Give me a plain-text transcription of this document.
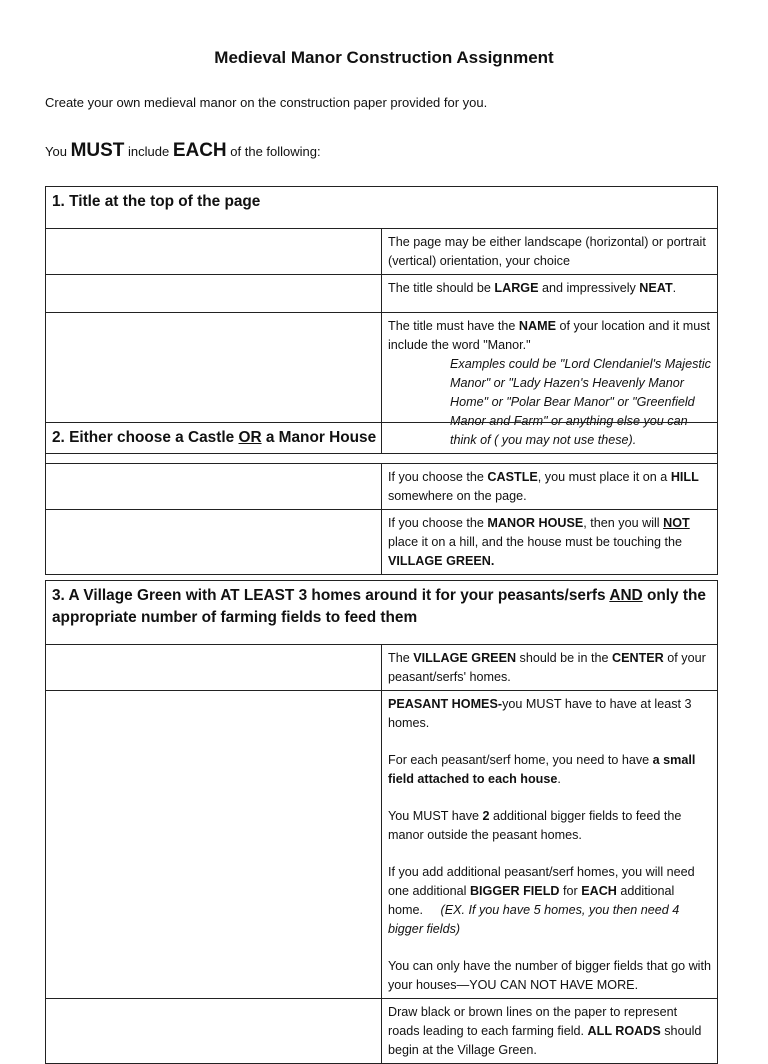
Medieval Manor Construction Assignment
Create your own medieval manor on the construction paper provided for you.
You MUST include EACH of the following:
1. Title at the top of the page	
	The page may be either landscape (horizontal) or portrait (vertical) orientation, your choice
	The title should be LARGE and impressively NEAT.

	The title must have the NAME of your location and it must include the word "Manor."

Examples could be "Lord Clendaniel's Majestic Manor" or "Lady Hazen's Heavenly Manor Home" or "Polar Bear Manor" or "Greenfield Manor and Farm" or anything else you can think of ( you may not use these).

2. Either choose a Castle OR a Manor House	
	If you choose the CASTLE, you must place it on a HILL somewhere on the page.
	If you choose the MANOR HOUSE, then you will NOT place it on a hill, and the house must be touching the VILLAGE GREEN.
3. A Village Green with AT LEAST 3 homes around it for your peasants/serfs AND only the appropriate number of farming fields to feed them	
	The VILLAGE GREEN should be in the CENTER of your peasant/serfs' homes.

	PEASANT HOMES-you MUST have to have at least 3 homes.

For each peasant/serf home, you need to have a small field attached to each house.

You MUST have 2 additional bigger fields to feed the manor outside the peasant homes.

If you add additional peasant/serf homes, you will need one additional BIGGER FIELD for EACH additional home. (EX. If you have 5 homes, you then need 4 bigger fields)

You can only have the number of bigger fields that go with your houses—YOU CAN NOT HAVE MORE.

	Draw black or brown lines on the paper to represent roads leading to each farming field. ALL ROADS should begin at the Village Green.
